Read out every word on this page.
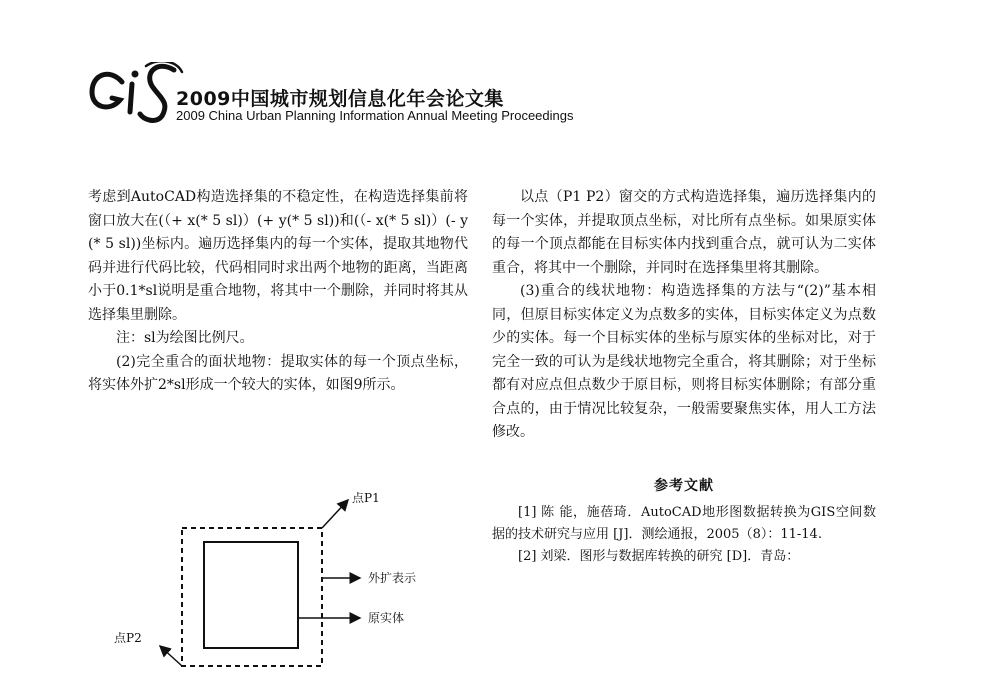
2009中国城市规划信息化年会论文集

2009 China Urban Planning Information Annual Meeting Proceedings

考虑到AutoCAD构造选择集的不稳定性，在构造选择集前将窗口放大在(（+ x(* 5 sl)）(+ y(* 5 sl))和(（- x(* 5 sl)）(- y(* 5 sl))坐标内。遍历选择集内的每一个实体，提取其地物代码并进行代码比较，代码相同时求出两个地物的距离，当距离小于0.1*sl说明是重合地物，将其中一个删除，并同时将其从选择集里删除。

注：sl为绘图比例尺。

(2)完全重合的面状地物：提取实体的每一个顶点坐标，将实体外扩2*sl形成一个较大的实体，如图9所示。

点P1
外扩表示
原实体
点P2

以点（P1 P2）窗交的方式构造选择集，遍历选择集内的每一个实体，并提取顶点坐标，对比所有点坐标。如果原实体的每一个顶点都能在目标实体内找到重合点，就可认为二实体重合，将其中一个删除，并同时在选择集里将其删除。

(3)重合的线状地物：构造选择集的方法与“(2)”基本相同，但原目标实体定义为点数多的实体，目标实体定义为点数少的实体。每一个目标实体的坐标与原实体的坐标对比，对于完全一致的可认为是线状地物完全重合，将其删除；对于坐标都有对应点但点数少于原目标，则将目标实体删除；有部分重合点的，由于情况比较复杂，一般需要聚焦实体，用人工方法修改。

参考文献

[1] 陈 能，施蓓琦．AutoCAD地形图数据转换为GIS空间数据的技术研究与应用 [J]．测绘通报，2005（8）：11-14.

[2] 刘梁．图形与数据库转换的研究 [D]．青岛：
